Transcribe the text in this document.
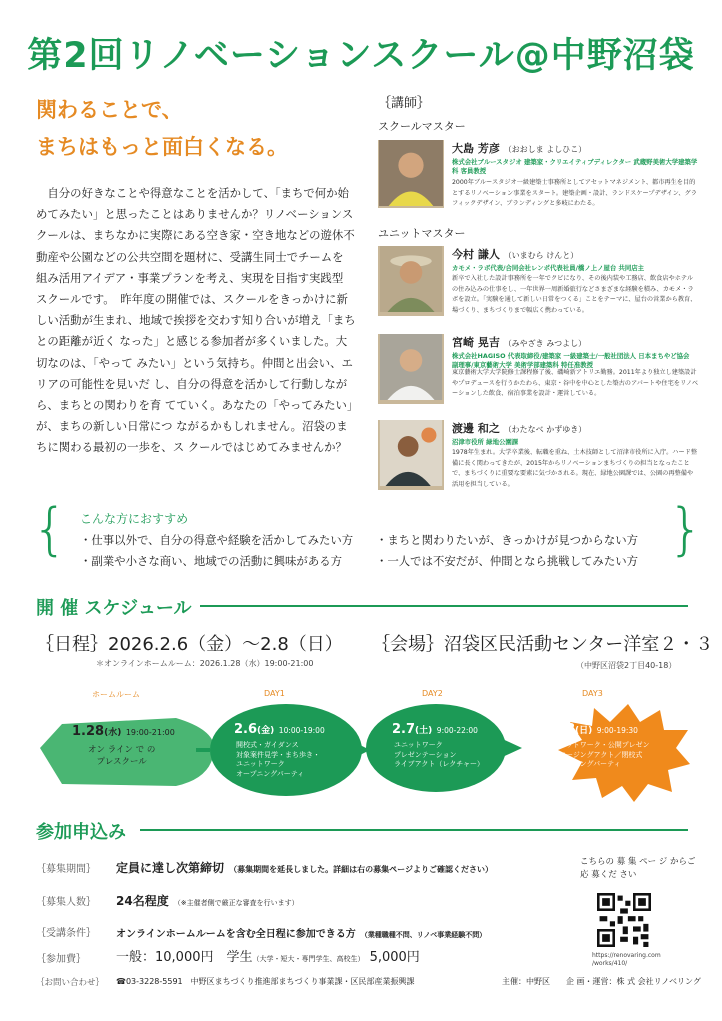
第2回リノベーションスクール@中野沼袋
関わることで、
まちはもっと面白くなる。
自分の好きなことや得意なことを活かして、「まちで何か始めてみたい」と思ったことはありませんか？リノベーションスクールは、まちなかに実際にある空き家・空き地などの遊休不動産や公園などの公共空間を題材に、受講生同士でチームを 組み活用アイデア・事業プランを考え、実現を目指す実践型 スクールです。　昨年度の開催では、スクールをきっかけに新しい活動が生まれ、地域で挨拶を交わす知り合いが増え「まちとの距離が近く なった」と感じる参加者が多くいました。大切なのは、「やって みたい」という気持ち。仲間と出会い、エリアの可能性を見いだ し、自分の得意を活かして行動しながら、まちとの関わりを育 てていく。あなたの「やってみたい」が、まちの新しい日常につ ながるかもしれません。沼袋のまちに関わる最初の一歩を、ス クールではじめてみませんか？
｛講師｝
スクールマスター
大島 芳彦 （おおしま よしひこ）
株式会社ブルースタジオ 建築家・クリエイティブディレクター 武蔵野美術大学建築学科 客員教授
2000年ブルースタジオ一級建築士事務所としてアセットマネジメント、都市再生を目的とするリノベーション事業をスタート。建築企画・設計、ランドスケープデザイン、グラフィックデザイン、ブランディングと多岐にわたる。
ユニットマスター
今村 謙人 （いまむら けんと）
カモメ・ラボ代表/合同会社レンポ代表社員/橋ノ上ノ屋台 共同店主
新卒で入社した設計事務所を一年でクビになり、その後内装や工務店、飲食店やホテルの住み込みの仕事をし、一年世界一周新婚旅行などさまざまな経験を積み、カモメ・ラボを設立。「実験を通して新しい日常をつくる」ことをテーマに、屋台の営業から教育、場づくり、まちづくりまで幅広く携わっている。
宮崎 晃吉 （みやざき みつよし）
株式会社HAGISO 代表取締役/建築家 一級建築士/一般社団法人 日本まちやど協会 副理事/東京藝術大学 美術学部建築科 特任准教授
東京藝術大学大学院修士課程修了後、磯崎新アトリエ勤務。2011年より独立し建築設計やプロデュースを行うかたわら、東京・谷中を中心とした築古のアパートや住宅をリノベーションした飲食、宿泊事業を設計・運営している。
渡邊 和之 （わたなべ かずゆき）
沼津市役所 緑地公園課
1978年生まれ。大学卒業後、転職を重ね、土木技師として沼津市役所に入庁。ハード整備に長く関わってきたが、2015年からリノベーションまちづくりの担当となったことで、まちづくりに重要な要素に気づかされる。現在、緑地公園課では、公園の再整備や活用を担当している。
{	}
こんな方におすすめ
・仕事以外で、自分の得意や経験を活かしてみたい方 ・まちと関わりたいが、きっかけが見つからない方
・副業や小さな商い、地域での活動に興味がある方	・一人では不安だが、仲間となら挑戦してみたい方
開 催 スケジュール
｛日程｝2026.2.6（金）〜2.8（日）
＊オンラインホームルーム：2026.1.28（水）19:00-21:00
｛会場｝沼袋区民活動センター洋室２・３
（中野区沼袋2丁目40-18）
ホームルーム	DAY1	DAY2	DAY3
1.28(水) 19:00-21:00
オン ライン で の
プレスクール
2.6(金) 10:00-19:00
開校式・ガイダンス
対象案件見学・まち歩き・
ユニットワーク
オープニングパーティ
2.7(土) 9:00-22:00
ユニットワーク
プレゼンテーション
ライブアクト（レクチャー）
2.8(日) 9:00-19:30
ユニットワーク・公開プレゼン
クロージングアクト／閉校式
クロージングパーティ
参加申込み
｛募集期間｝ 定員に達し次第締切 （募集期間を延長しました。詳細は右の募集ページよりご確認ください）
｛募集人数｝ 24名程度 （※主催者側で厳正な審査を行います）
｛受講条件｝ オンラインホームルームを含む全日程に参加できる方 （業種職種不問、リノベ事業経験不問）
｛参加費｝ 一般：10,000円　学生（大学・短大・専門学生、高校生） 5,000円
｛お問い合わせ｝ ☎03-3228-5591　中野区まちづくり推進部まちづくり事業課・区民部産業振興課
こちらの 募 集 ペー ジ からご 応 募くだ さい
https://renovaring.com /works/410/
主催：中野区 企 画・運営：株 式 会社リノベリング
